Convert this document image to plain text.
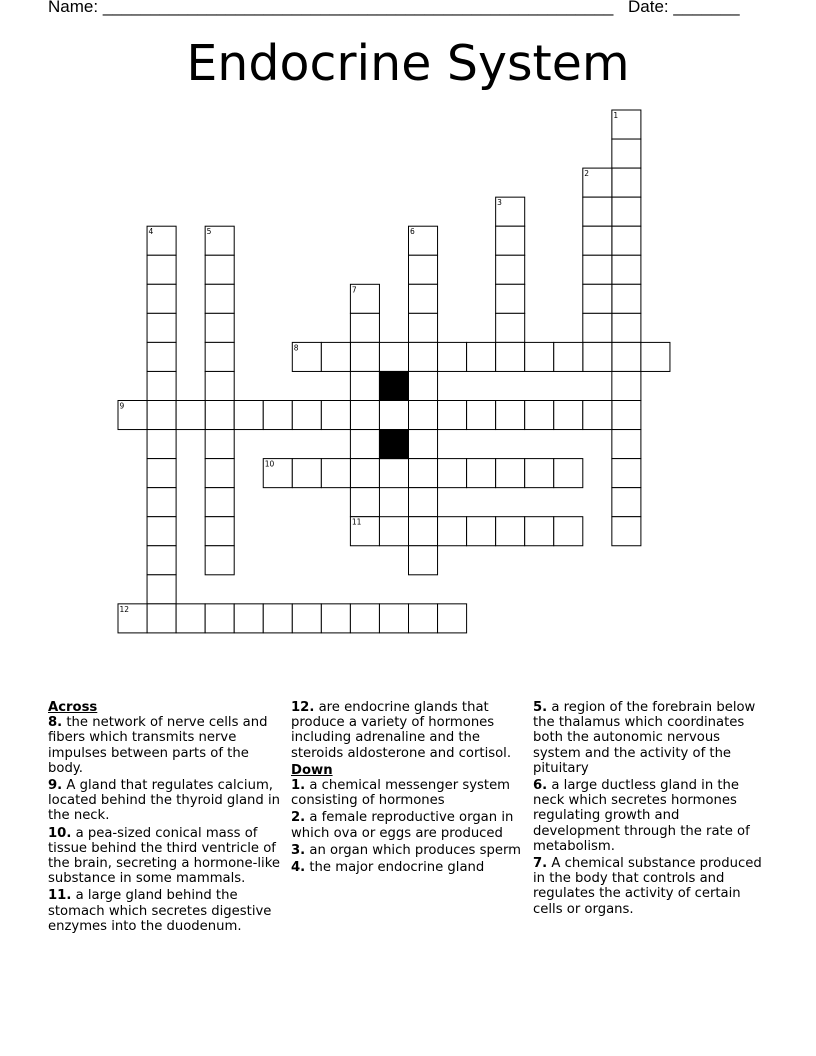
Name: ______________________________________________________ Date: _______
Endocrine System
1
2
3
4	5	6
7
8
9
10
11
12

Across

8. the network of nerve cells and fibers which transmits nerve impulses between parts of the body.

9. A gland that regulates calcium, located behind the thyroid gland in the neck.

10. a pea-sized conical mass of tissue behind the third ventricle of the brain, secreting a hormone-like substance in some mammals.

11. a large gland behind the stomach which secretes digestive enzymes into the duodenum.

12. are endocrine glands that produce a variety of hormones including adrenaline and the steroids aldosterone and cortisol.

Down

1. a chemical messenger system consisting of hormones

2. a female reproductive organ in which ova or eggs are produced

3. an organ which produces sperm

4. the major endocrine gland

5. a region of the forebrain below the thalamus which coordinates both the autonomic nervous system and the activity of the pituitary

6. a large ductless gland in the neck which secretes hormones regulating growth and development through the rate of metabolism.

7. A chemical substance produced in the body that controls and regulates the activity of certain cells or organs.
